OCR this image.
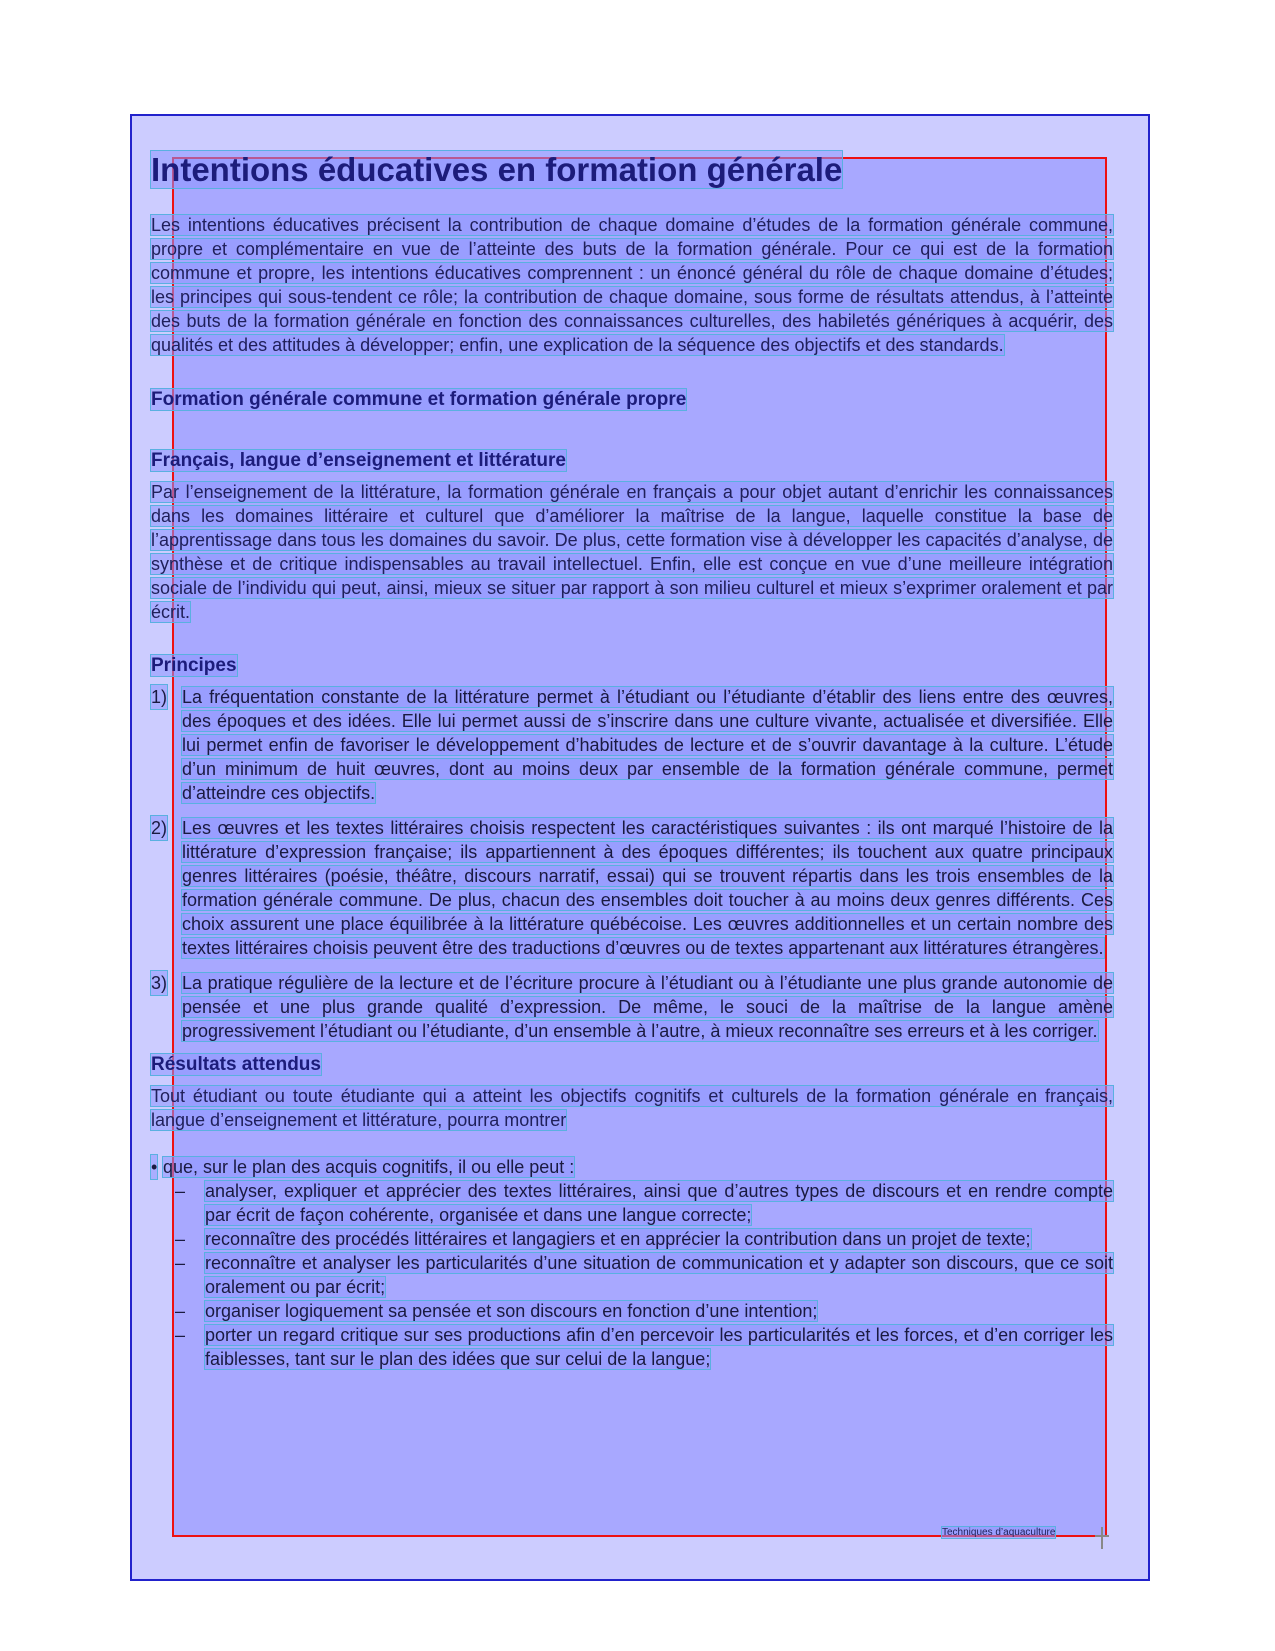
Intentions éducatives en formation générale

Les intentions éducatives précisent la contribution de chaque domaine d’études de la formation générale commune, propre et complémentaire en vue de l’atteinte des buts de la formation générale. Pour ce qui est de la formation commune et propre, les intentions éducatives comprennent : un énoncé général du rôle de chaque domaine d’études; les principes qui sous-tendent ce rôle; la contribution de chaque domaine, sous forme de résultats attendus, à l’atteinte des buts de la formation générale en fonction des connaissances culturelles, des habiletés génériques à acquérir, des qualités et des attitudes à développer; enfin, une explication de la séquence des objectifs et des standards.

Formation générale commune et formation générale propre
Français, langue d’enseignement et littérature

Par l’enseignement de la littérature, la formation générale en français a pour objet autant d’enrichir les connaissances dans les domaines littéraire et culturel que d’améliorer la maîtrise de la langue, laquelle constitue la base de l’apprentissage dans tous les domaines du savoir. De plus, cette formation vise à développer les capacités d’analyse, de synthèse et de critique indispensables au travail intellectuel. Enfin, elle est conçue en vue d’une meilleure intégration sociale de l’individu qui peut, ainsi, mieux se situer par rapport à son milieu culturel et mieux s’exprimer oralement et par écrit.

Principes

1) La fréquentation constante de la littérature permet à l’étudiant ou l’étudiante d’établir des liens entre des œuvres, des époques et des idées. Elle lui permet aussi de s’inscrire dans une culture vivante, actualisée et diversifiée. Elle lui permet enfin de favoriser le développement d’habitudes de lecture et de s’ouvrir davantage à la culture. L’étude d’un minimum de huit œuvres, dont au moins deux par ensemble de la formation générale commune, permet d’atteindre ces objectifs.

2) Les œuvres et les textes littéraires choisis respectent les caractéristiques suivantes : ils ont marqué l’histoire de la littérature d’expression française; ils appartiennent à des époques différentes; ils touchent aux quatre principaux genres littéraires (poésie, théâtre, discours narratif, essai) qui se trouvent répartis dans les trois ensembles de la formation générale commune. De plus, chacun des ensembles doit toucher à au moins deux genres différents. Ces choix assurent une place équilibrée à la littérature québécoise. Les œuvres additionnelles et un certain nombre des textes littéraires choisis peuvent être des traductions d’œuvres ou de textes appartenant aux littératures étrangères.

3) La pratique régulière de la lecture et de l’écriture procure à l’étudiant ou à l’étudiante une plus grande autonomie de pensée et une plus grande qualité d’expression. De même, le souci de la maîtrise de la langue amène progressivement l’étudiant ou l’étudiante, d’un ensemble à l’autre, à mieux reconnaître ses erreurs et à les corriger.

Résultats attendus

Tout étudiant ou toute étudiante qui a atteint les objectifs cognitifs et culturels de la formation générale en français, langue d’enseignement et littérature, pourra montrer

• que, sur le plan des acquis cognitifs, il ou elle peut :

– analyser, expliquer et apprécier des textes littéraires, ainsi que d’autres types de discours et en rendre compte par écrit de façon cohérente, organisée et dans une langue correcte;
– reconnaître des procédés littéraires et langagiers et en apprécier la contribution dans un projet de texte;
– reconnaître et analyser les particularités d’une situation de communication et y adapter son discours, que ce soit oralement ou par écrit;
– organiser logiquement sa pensée et son discours en fonction d’une intention;
– porter un regard critique sur ses productions afin d’en percevoir les particularités et les forces, et d’en corriger les faiblesses, tant sur le plan des idées que sur celui de la langue;
Techniques d’aquaculture
